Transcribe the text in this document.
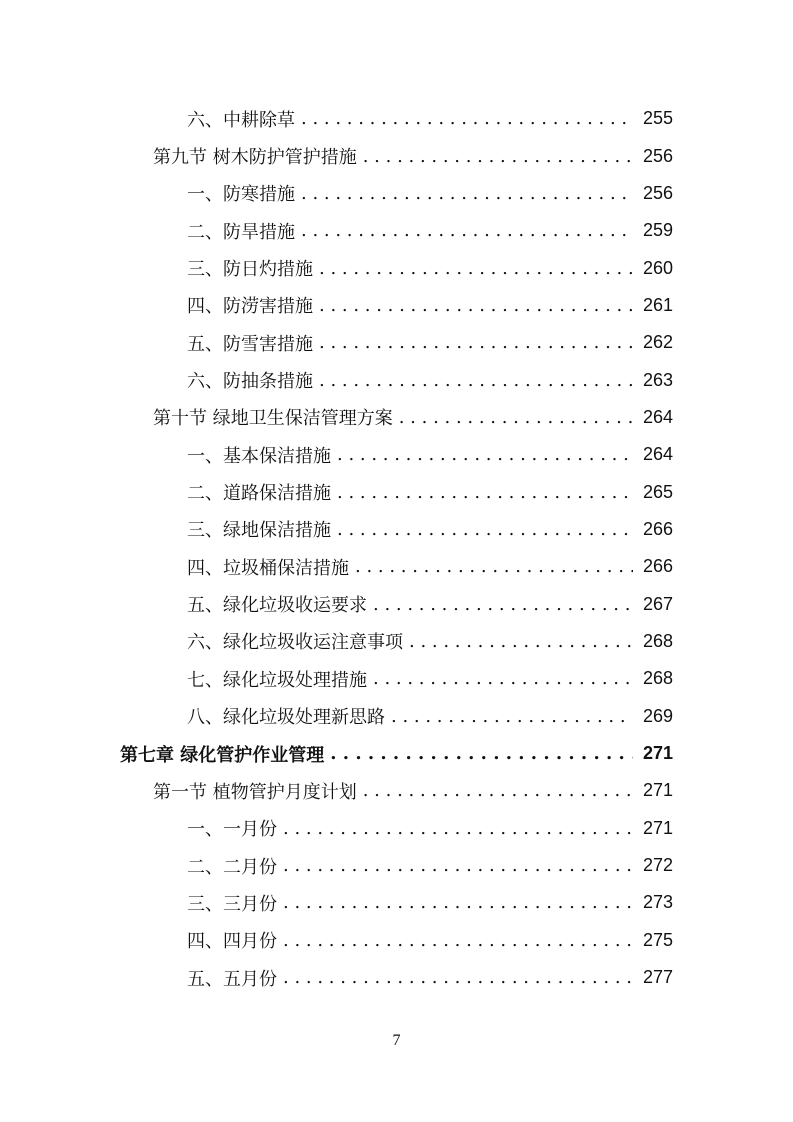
六、中耕除草 . . .	255
第九节 树木防护管护措施 . . .	256
一、防寒措施 . . .	256
二、防旱措施 . . .	259
三、防日灼措施 . . .	260
四、防涝害措施 . . .	261
五、防雪害措施 . . .	262
六、防抽条措施 . . .	263
第十节 绿地卫生保洁管理方案 . . .	264
一、基本保洁措施 . . .	264
二、道路保洁措施 . . .	265
三、绿地保洁措施 . . .	266
四、垃圾桶保洁措施 . . .	266
五、绿化垃圾收运要求 . . .	267
六、绿化垃圾收运注意事项 . . .	268
七、绿化垃圾处理措施 . . .	268
八、绿化垃圾处理新思路 . . .	269
第七章 绿化管护作业管理 . . .	271
第一节 植物管护月度计划 . . .	271
一、一月份 . . .	271
二、二月份 . . .	272
三、三月份 . . .	273
四、四月份 . . .	275
五、五月份 . . .	277
7
